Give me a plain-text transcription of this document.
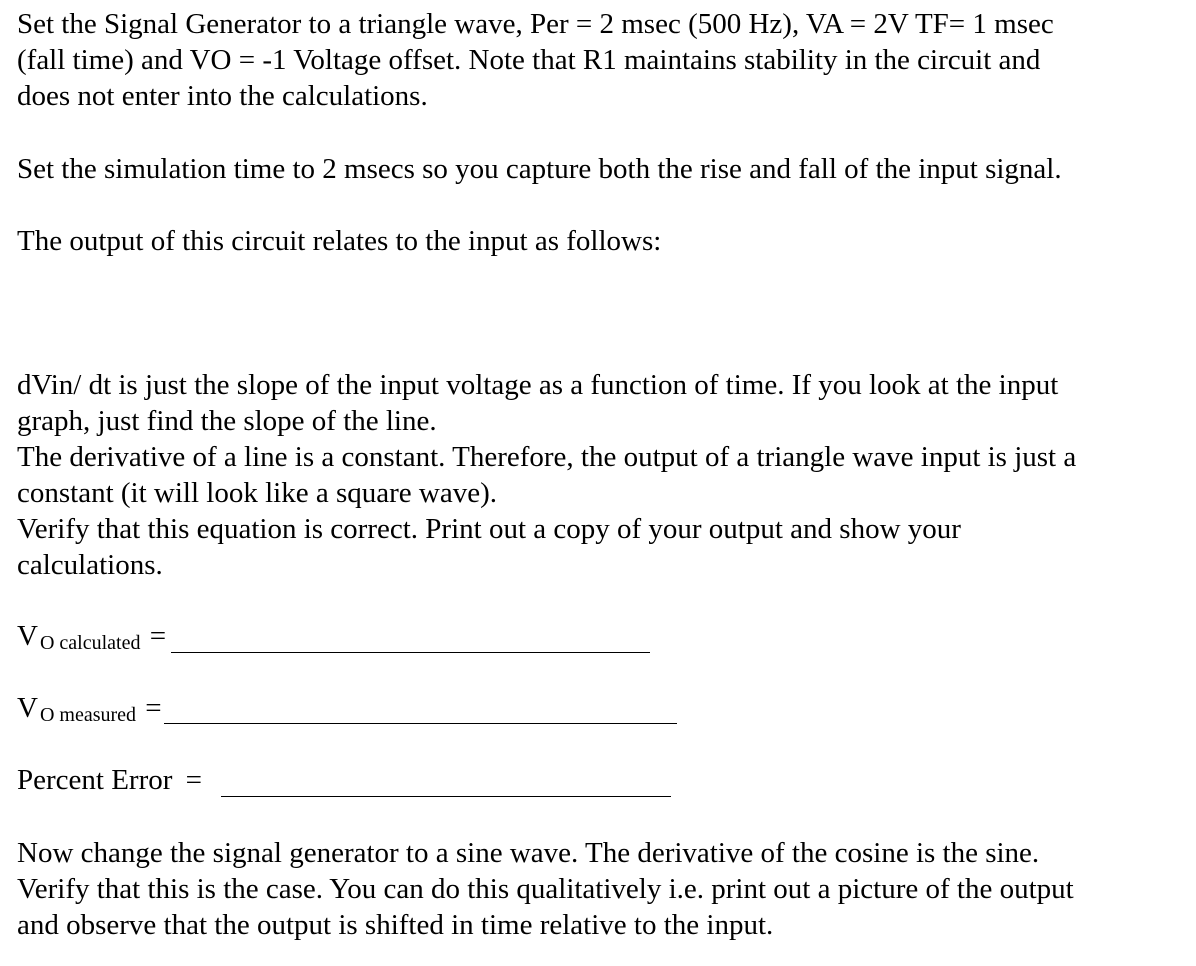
Set the Signal Generator to a triangle wave, Per = 2 msec (500 Hz), VA = 2V TF= 1 msec
(fall time) and VO = -1 Voltage offset. Note that R1 maintains stability in the circuit and
does not enter into the calculations.
Set the simulation time to 2 msecs so you capture both the rise and fall of the input signal.
The output of this circuit relates to the input as follows:
dVin/ dt is just the slope of the input voltage as a function of time. If you look at the input
graph, just find the slope of the line.
The derivative of a line is a constant. Therefore, the output of a triangle wave input is just a
constant (it will look like a square wave).
Verify that this equation is correct. Print out a copy of your output and show your
calculations.
V O calculated =
V O measured =
Percent Error =
Now change the signal generator to a sine wave. The derivative of the cosine is the sine.
Verify that this is the case. You can do this qualitatively i.e. print out a picture of the output
and observe that the output is shifted in time relative to the input.
